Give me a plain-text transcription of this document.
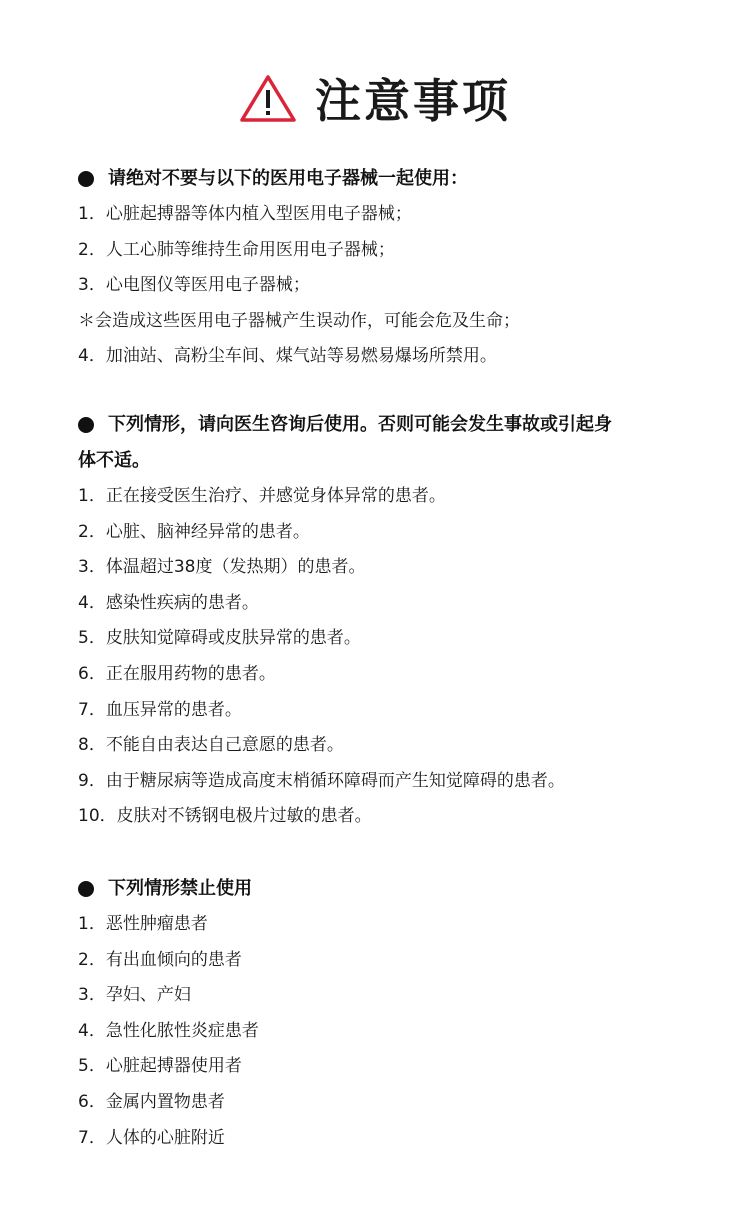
注意事项
请绝对不要与以下的医用电子器械一起使用：
1．心脏起搏器等体内植入型医用电子器械；
2．人工心肺等维持生命用医用电子器械；
3．心电图仪等医用电子器械；
＊会造成这些医用电子器械产生误动作，可能会危及生命；
4．加油站、高粉尘车间、煤气站等易燃易爆场所禁用。
下列情形，请向医生咨询后使用。否则可能会发生事故或引起身
体不适。
1．正在接受医生治疗、并感觉身体异常的患者。
2．心脏、脑神经异常的患者。
3．体温超过38度（发热期）的患者。
4．感染性疾病的患者。
5．皮肤知觉障碍或皮肤异常的患者。
6．正在服用药物的患者。
7．血压异常的患者。
8．不能自由表达自己意愿的患者。
9．由于糖尿病等造成高度末梢循环障碍而产生知觉障碍的患者。
10．皮肤对不锈钢电极片过敏的患者。
下列情形禁止使用
1．恶性肿瘤患者
2．有出血倾向的患者
3．孕妇、产妇
4．急性化脓性炎症患者
5．心脏起搏器使用者
6．金属内置物患者
7．人体的心脏附近
